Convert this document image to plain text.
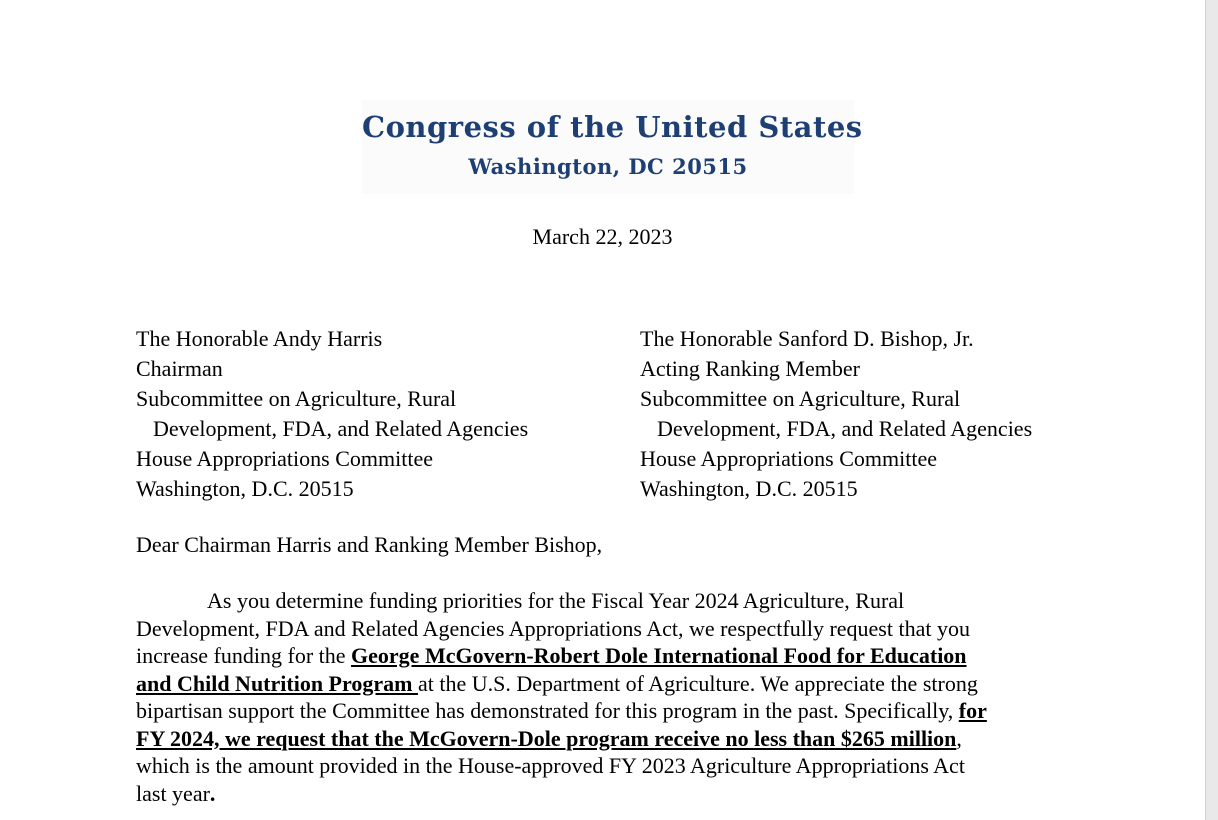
Congress of the United States
Washington, DC 20515
March 22, 2023
The Honorable Andy Harris
Chairman
Subcommittee on Agriculture, Rural
Development, FDA, and Related Agencies
House Appropriations Committee
Washington, D.C. 20515
The Honorable Sanford D. Bishop, Jr.
Acting Ranking Member
Subcommittee on Agriculture, Rural
Development, FDA, and Related Agencies
House Appropriations Committee
Washington, D.C. 20515
Dear Chairman Harris and Ranking Member Bishop,
As you determine funding priorities for the Fiscal Year 2024 Agriculture, Rural
Development, FDA and Related Agencies Appropriations Act, we respectfully request that you
increase funding for the George McGovern-Robert Dole International Food for Education
and Child Nutrition Program at the U.S. Department of Agriculture. We appreciate the strong
bipartisan support the Committee has demonstrated for this program in the past. Specifically, for
FY 2024, we request that the McGovern-Dole program receive no less than $265 million,
which is the amount provided in the House-approved FY 2023 Agriculture Appropriations Act
last year.
